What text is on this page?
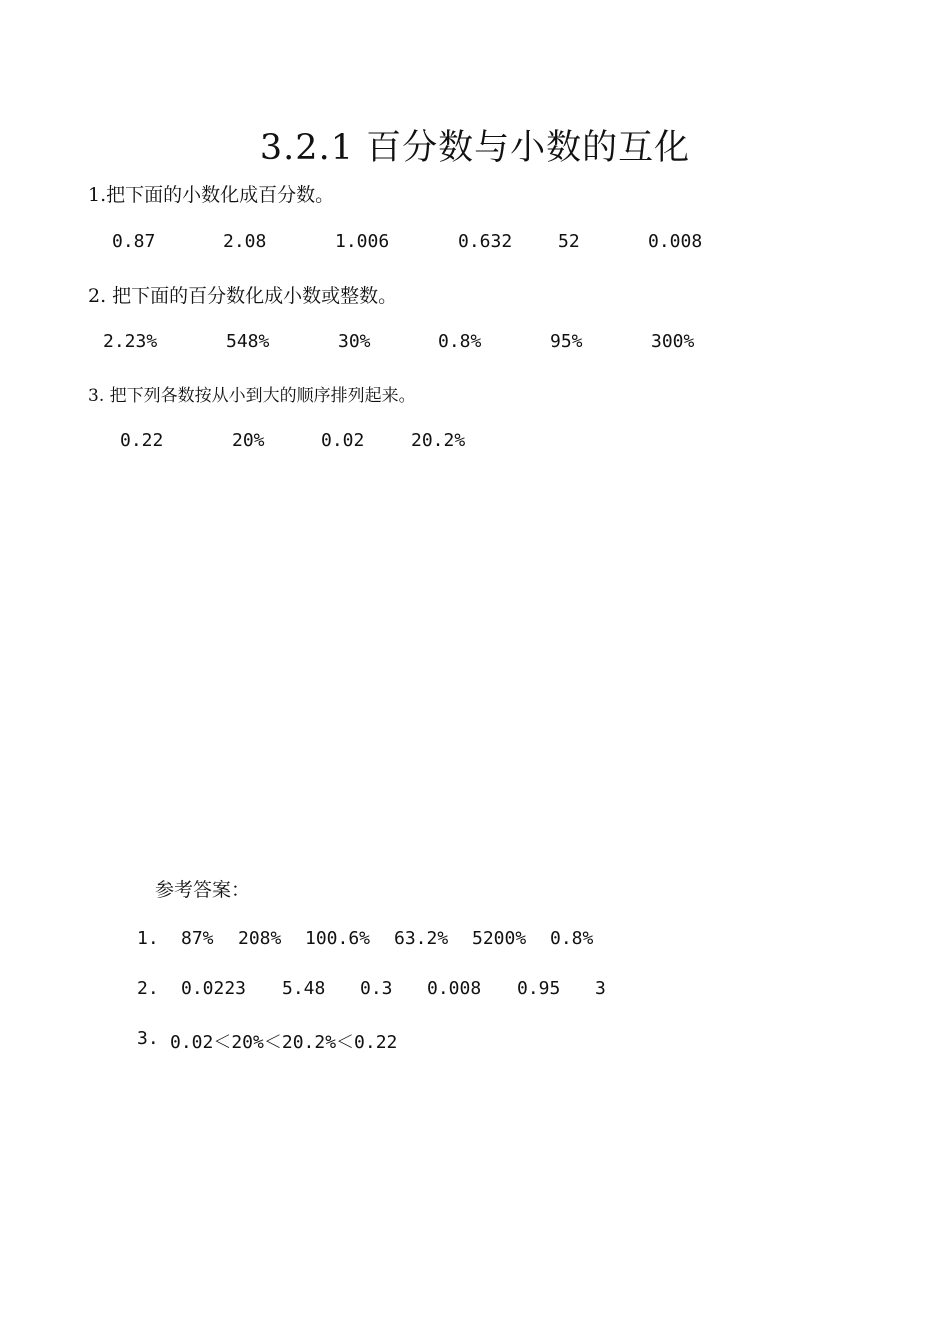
3.2.1 百分数与小数的互化
1.把下面的小数化成百分数。
0.87	2.08	1.006	0.632	52	0.008
2. 把下面的百分数化成小数或整数。
2.23%	548%	30%	0.8%	95%	300%
3. 把下列各数按从小到大的顺序排列起来。
0.22	20%	0.02	20.2%
参考答案：
1. 87% 208% 100.6% 63.2% 5200% 0.8%
2. 0.0223 5.48 0.3 0.008 0.95 3
3. 0.02＜20%＜20.2%＜0.22
